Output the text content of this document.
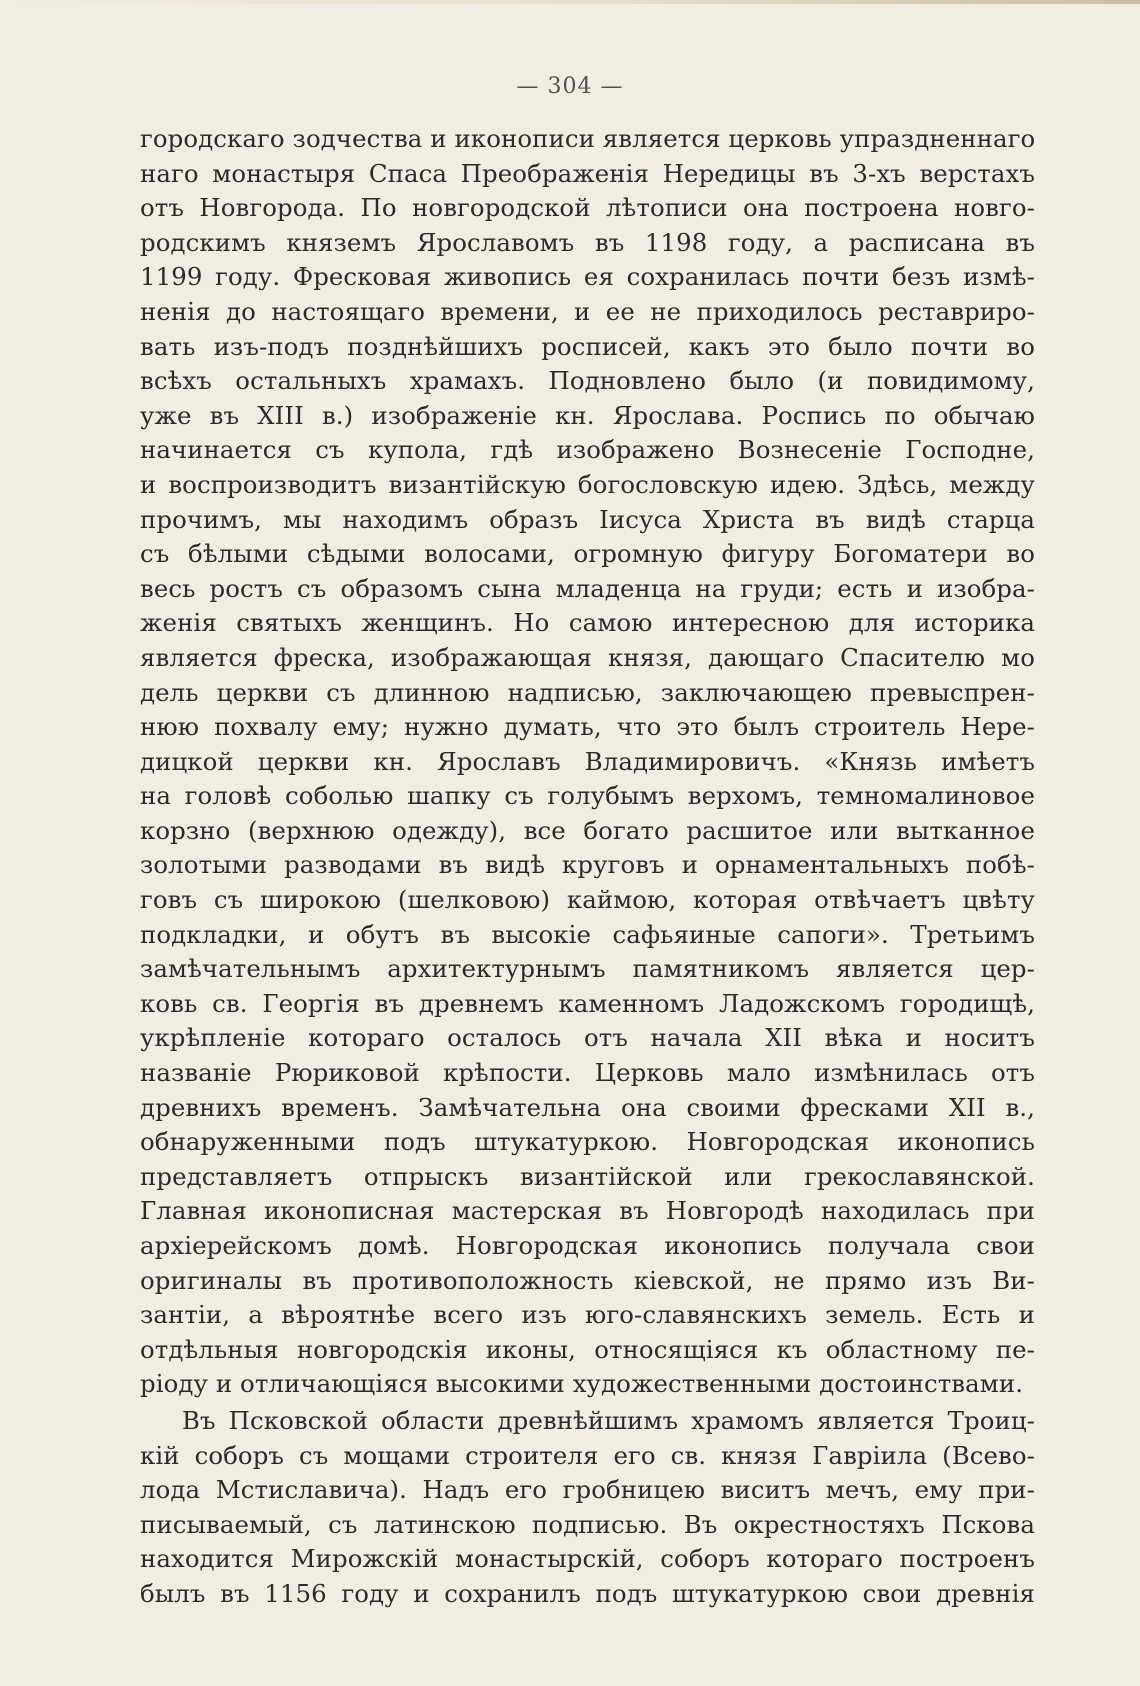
— 304 —
городскаго зодчества и иконописи является церковь упраздненнаго
наго монастыря Спаса Преображенія Нередицы въ 3-хъ верстахъ
отъ Новгорода. По новгородской лѣтописи она построена новго-
родскимъ княземъ Ярославомъ въ 1198 году, а расписана въ
1199 году. Фресковая живопись ея сохранилась почти безъ измѣ-
ненія до настоящаго времени, и ее не приходилось реставриро-
вать изъ-подъ позднѣйшихъ росписей, какъ это было почти во
всѣхъ остальныхъ храмахъ. Подновлено было (и повидимому,
уже въ XIII в.) изображеніе кн. Ярослава. Роспись по обычаю
начинается съ купола, гдѣ изображено Вознесеніе Господне,
и воспроизводитъ византійскую богословскую идею. Здѣсь, между
прочимъ, мы находимъ образъ Іисуса Христа въ видѣ старца
съ бѣлыми сѣдыми волосами, огромную фигуру Богоматери во
весь ростъ съ образомъ сына младенца на груди; есть и изобра-
женія святыхъ женщинъ. Но самою интересною для историка
является фреска, изображающая князя, дающаго Спасителю мо
дель церкви съ длинною надписью, заключающею превыспрен-
нюю похвалу ему; нужно думать, что это былъ строитель Нере-
дицкой церкви кн. Ярославъ Владимировичъ. «Князь имѣетъ
на головѣ соболью шапку съ голубымъ верхомъ, темномалиновое
корзно (верхнюю одежду), все богато расшитое или вытканное
золотыми разводами въ видѣ круговъ и орнаментальныхъ побѣ-
говъ съ широкою (шелковою) каймою, которая отвѣчаетъ цвѣту
подкладки, и обутъ въ высокіе сафьяиные сапоги». Третьимъ
замѣчательнымъ архитектурнымъ памятникомъ является цер-
ковь св. Георгія въ древнемъ каменномъ Ладожскомъ городищѣ,
укрѣпленіе котораго осталось отъ начала XII вѣка и носитъ
названіе Рюриковой крѣпости. Церковь мало измѣнилась отъ
древнихъ временъ. Замѣчательна она своими фресками XII в.,
обнаруженными подъ штукатуркою. Новгородская иконопись
представляетъ отпрыскъ византійской или грекославянской.
Главная иконописная мастерская въ Новгородѣ находилась при
архіерейскомъ домѣ. Новгородская иконопись получала свои
оригиналы въ противоположность кіевской, не прямо изъ Ви-
зантіи, а вѣроятнѣе всего изъ юго-славянскихъ земель. Есть и
отдѣльныя новгородскія иконы, относящіяся къ областному пе-
ріоду и отличающіяся высокими художественными достоинствами.
Въ Псковской области древнѣйшимъ храмомъ является Троиц-
кій соборъ съ мощами строителя его св. князя Гавріила (Всево-
лода Мстиславича). Надъ его гробницею виситъ мечъ, ему при-
писываемый, съ латинскою подписью. Въ окрестностяхъ Пскова
находится Мирожскій монастырскій, соборъ котораго построенъ
былъ въ 1156 году и сохранилъ подъ штукатуркою свои древнія
